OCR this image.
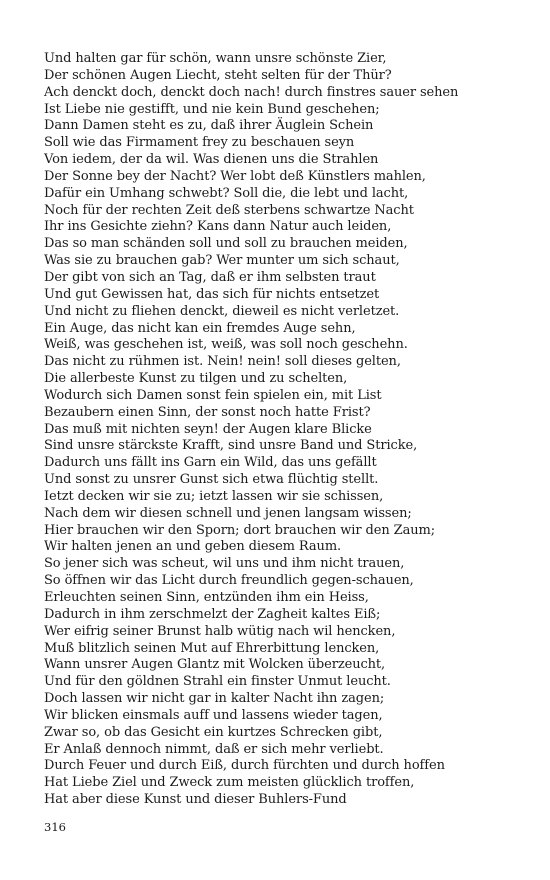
Und halten gar für schön, wann unsre schönste Zier,
Der schönen Augen Liecht, steht selten für der Thür?
Ach denckt doch, denckt doch nach! durch finstres sauer sehen
Ist Liebe nie gestifft, und nie kein Bund geschehen;
Dann Damen steht es zu, daß ihrer Äuglein Schein
Soll wie das Firmament frey zu beschauen seyn
Von iedem, der da wil. Was dienen uns die Strahlen
Der Sonne bey der Nacht? Wer lobt deß Künstlers mahlen,
Dafür ein Umhang schwebt? Soll die, die lebt und lacht,
Noch für der rechten Zeit deß sterbens schwartze Nacht
Ihr ins Gesichte ziehn? Kans dann Natur auch leiden,
Das so man schänden soll und soll zu brauchen meiden,
Was sie zu brauchen gab? Wer munter um sich schaut,
Der gibt von sich an Tag, daß er ihm selbsten traut
Und gut Gewissen hat, das sich für nichts entsetzet
Und nicht zu fliehen denckt, dieweil es nicht verletzet.
Ein Auge, das nicht kan ein fremdes Auge sehn,
Weiß, was geschehen ist, weiß, was soll noch geschehn.
Das nicht zu rühmen ist. Nein! nein! soll dieses gelten,
Die allerbeste Kunst zu tilgen und zu schelten,
Wodurch sich Damen sonst fein spielen ein, mit List
Bezaubern einen Sinn, der sonst noch hatte Frist?
Das muß mit nichten seyn! der Augen klare Blicke
Sind unsre stärckste Krafft, sind unsre Band und Stricke,
Dadurch uns fällt ins Garn ein Wild, das uns gefällt
Und sonst zu unsrer Gunst sich etwa flüchtig stellt.
Ietzt decken wir sie zu; ietzt lassen wir sie schissen,
Nach dem wir diesen schnell und jenen langsam wissen;
Hier brauchen wir den Sporn; dort brauchen wir den Zaum;
Wir halten jenen an und geben diesem Raum.
So jener sich was scheut, wil uns und ihm nicht trauen,
So öffnen wir das Licht durch freundlich gegen-schauen,
Erleuchten seinen Sinn, entzünden ihm ein Heiss,
Dadurch in ihm zerschmelzt der Zagheit kaltes Eiß;
Wer eifrig seiner Brunst halb wütig nach wil hencken,
Muß blitzlich seinen Mut auf Ehrerbittung lencken,
Wann unsrer Augen Glantz mit Wolcken überzeucht,
Und für den göldnen Strahl ein finster Unmut leucht.
Doch lassen wir nicht gar in kalter Nacht ihn zagen;
Wir blicken einsmals auff und lassens wieder tagen,
Zwar so, ob das Gesicht ein kurtzes Schrecken gibt,
Er Anlaß dennoch nimmt, daß er sich mehr verliebt.
Durch Feuer und durch Eiß, durch fürchten und durch hoffen
Hat Liebe Ziel und Zweck zum meisten glücklich troffen,
Hat aber diese Kunst und dieser Buhlers-Fund
316
